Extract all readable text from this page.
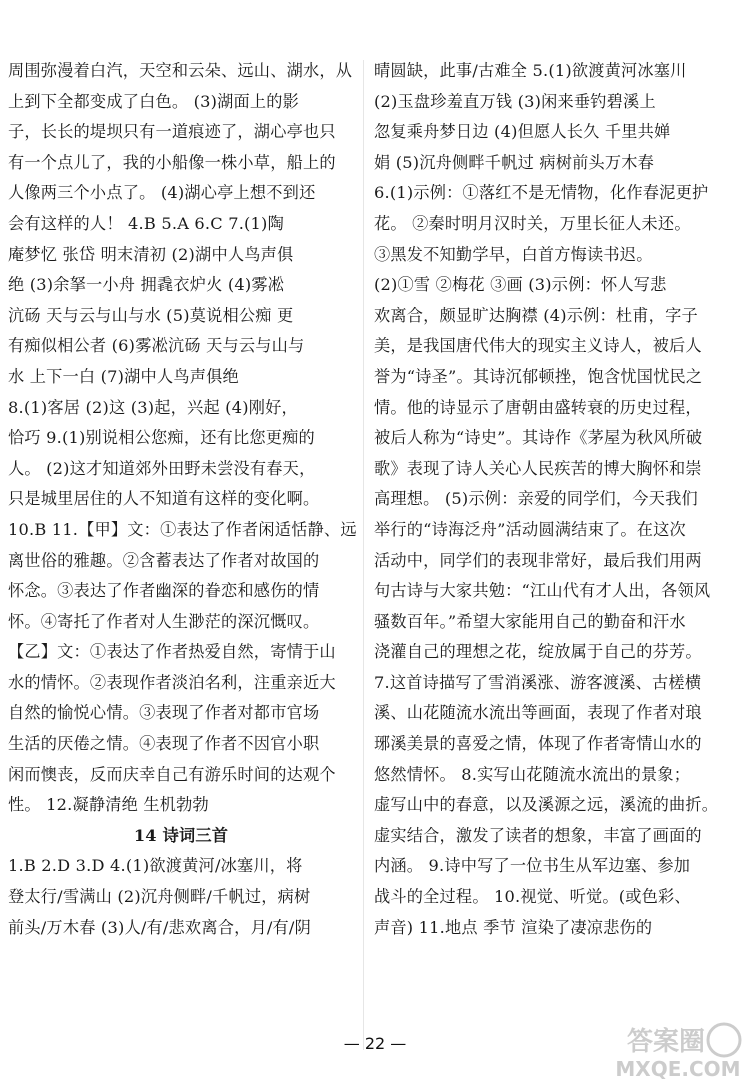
周围弥漫着白汽，天空和云朵、远山、湖水，从
上到下全都变成了白色。 (3)湖面上的影
子，长长的堤坝只有一道痕迹了，湖心亭也只
有一个点儿了，我的小船像一株小草，船上的
人像两三个小点了。 (4)湖心亭上想不到还
会有这样的人！ 4.B 5.A 6.C 7.(1)陶
庵梦忆 张岱 明末清初 (2)湖中人鸟声俱
绝 (3)余拏一小舟 拥毳衣炉火 (4)雾凇
沆砀 天与云与山与水 (5)莫说相公痴 更
有痴似相公者 (6)雾凇沆砀 天与云与山与
水 上下一白 (7)湖中人鸟声俱绝
8.(1)客居 (2)这 (3)起，兴起 (4)刚好，
恰巧 9.(1)别说相公您痴，还有比您更痴的
人。 (2)这才知道郊外田野未尝没有春天，
只是城里居住的人不知道有这样的变化啊。
10.B 11.【甲】文：①表达了作者闲适恬静、远
离世俗的雅趣。②含蓄表达了作者对故国的
怀念。③表达了作者幽深的眷恋和感伤的情
怀。④寄托了作者对人生渺茫的深沉慨叹。
【乙】文：①表达了作者热爱自然，寄情于山
水的情怀。②表现作者淡泊名利，注重亲近大
自然的愉悦心情。③表现了作者对都市官场
生活的厌倦之情。④表现了作者不因官小职
闲而懊丧，反而庆幸自己有游乐时间的达观个
性。 12.凝静清绝 生机勃勃
14 诗词三首
1.B 2.D 3.D 4.(1)欲渡黄河/冰塞川，将
登太行/雪满山 (2)沉舟侧畔/千帆过，病树
前头/万木春 (3)人/有/悲欢离合，月/有/阴
晴圆缺，此事/古难全 5.(1)欲渡黄河冰塞川
(2)玉盘珍羞直万钱 (3)闲来垂钓碧溪上
忽复乘舟梦日边 (4)但愿人长久 千里共婵
娟 (5)沉舟侧畔千帆过 病树前头万木春
6.(1)示例：①落红不是无情物，化作春泥更护
花。 ②秦时明月汉时关，万里长征人未还。
③黑发不知勤学早，白首方悔读书迟。
(2)①雪 ②梅花 ③画 (3)示例：怀人写悲
欢离合，颇显旷达胸襟 (4)示例：杜甫，字子
美，是我国唐代伟大的现实主义诗人，被后人
誉为“诗圣”。其诗沉郁顿挫，饱含忧国忧民之
情。他的诗显示了唐朝由盛转衰的历史过程，
被后人称为“诗史”。其诗作《茅屋为秋风所破
歌》表现了诗人关心人民疾苦的博大胸怀和崇
高理想。 (5)示例：亲爱的同学们，今天我们
举行的“诗海泛舟”活动圆满结束了。在这次
活动中，同学们的表现非常好，最后我们用两
句古诗与大家共勉：“江山代有才人出，各领风
骚数百年。”希望大家能用自己的勤奋和汗水
浇灌自己的理想之花，绽放属于自己的芬芳。
7.这首诗描写了雪消溪涨、游客渡溪、古槎横
溪、山花随流水流出等画面，表现了作者对琅
琊溪美景的喜爱之情，体现了作者寄情山水的
悠然情怀。 8.实写山花随流水流出的景象；
虚写山中的春意，以及溪源之远，溪流的曲折。
虚实结合，激发了读者的想象，丰富了画面的
内涵。 9.诗中写了一位书生从军边塞、参加
战斗的全过程。 10.视觉、听觉。(或色彩、
声音) 11.地点 季节 渲染了凄凉悲伤的
— 22 —	答案圈
MXQE.COM
